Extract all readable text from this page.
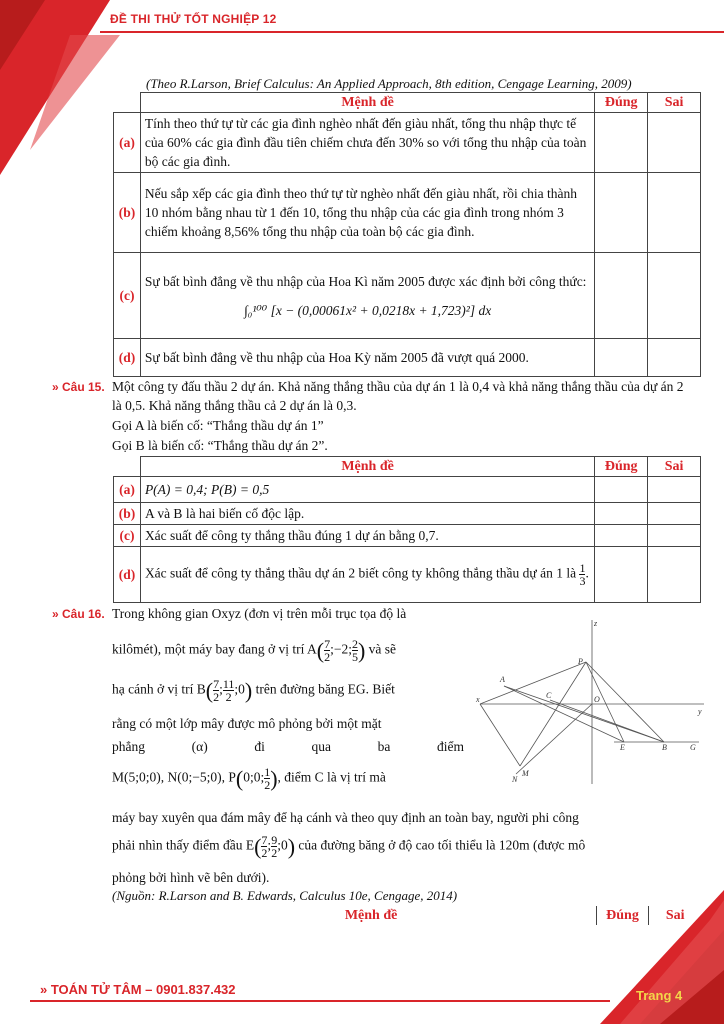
ĐỀ THI THỬ TỐT NGHIỆP 12
(Theo R.Larson, Brief Calculus: An Applied Approach, 8th edition, Cengage Learning, 2009)
	Mệnh đề	Đúng	Sai
(a)	Tính theo thứ tự từ các gia đình nghèo nhất đến giàu nhất, tổng thu nhập thực tế của 60% các gia đình đầu tiên chiếm chưa đến 30% so với tổng thu nhập của toàn bộ các gia đình.		
(b)	Nếu sắp xếp các gia đình theo thứ tự từ nghèo nhất đến giàu nhất, rồi chia thành 10 nhóm bằng nhau từ 1 đến 10, tổng thu nhập của các gia đình trong nhóm 3 chiếm khoảng 8,56% tổng thu nhập của toàn bộ các gia đình.		
(c)	Sự bất bình đẳng về thu nhập của Hoa Kì năm 2005 được xác định bởi công thức:
∫₀¹⁰⁰ [x − (0,00061x² + 0,0218x + 1,723)²] dx		

(d)	Sự bất bình đẳng về thu nhập của Hoa Kỳ năm 2005 đã vượt quá 2000.		
» Câu 15. Một công ty đấu thầu 2 dự án. Khả năng thắng thầu của dự án 1 là 0,4 và khả năng thắng thầu của dự án 2 là 0,5. Khả năng thắng thầu cả 2 dự án là 0,3.
Gọi A là biến cố: “Thắng thầu dự án 1”
Gọi B là biến cố: “Thắng thầu dự án 2”.
	Mệnh đề	Đúng	Sai
(a)	P(A) = 0,4; P(B) = 0,5		
(b)	A và B là hai biến cố độc lập.		
(c)	Xác suất để công ty thắng thầu đúng 1 dự án bằng 0,7.		
(d)	Xác suất để công ty thắng thầu dự án 2 biết công ty không thắng thầu dự án 1 là $\frac{1}{3}$ .		
» Câu 16. Trong không gian Oxyz (đơn vị trên mỗi trục tọa độ là
kilômét), một máy bay đang ở vị trí $A( \frac{7}{2}$ ;−2; $\frac{2}{5}$ ) và sẽ
hạ cánh ở vị trí $B( \frac{7}{2}$ ; $\frac{11}{2}$ ;0) trên đường băng EG. Biết
rằng có một lớp mây được mô phỏng bởi một mặt
phẳng	(α)	đi	qua	ba	điểm
M(5;0;0), N(0;−5;0), P(0;0; $\frac{1}{2}$ ), điểm C là vị trí mà
máy bay xuyên qua đám mây để hạ cánh và theo quy định an toàn bay, người phi công
phải nhìn thấy điểm đầu $E( \frac{7}{2}$ ; $\frac{9}{2}$ ;0) của đường băng ở độ cao tối thiểu là 120m (được mô
phỏng bởi hình vẽ bên dưới).
(Nguồn: R.Larson and B. Edwards, Calculus 10e, Cengage, 2014)
z
P
A
C	O
x
y
E	B	G
M
N
	Mệnh đề	Đúng	Sai
» TOÁN TỬ TÂM – 0901.837.432	Trang 4
